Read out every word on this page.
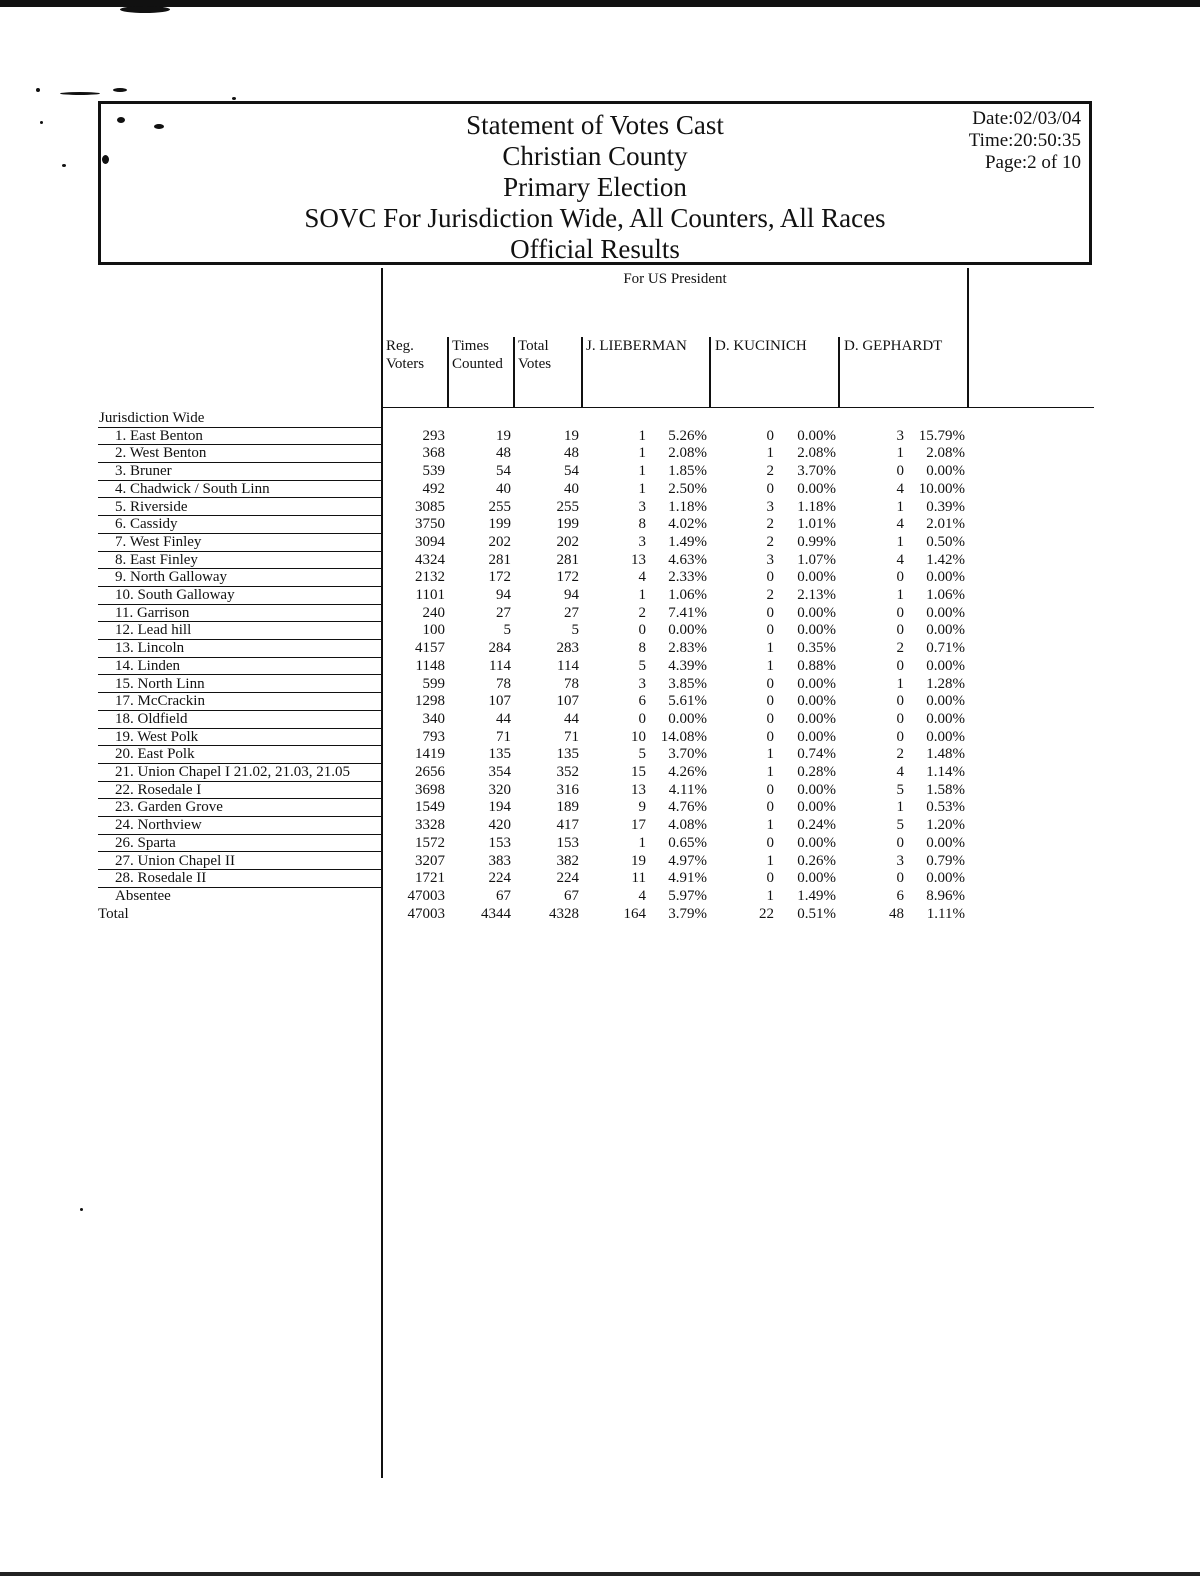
Statement of Votes Cast
Christian County
Primary Election
SOVC For Jurisdiction Wide, All Counters, All Races
Official Results
Date:02/03/04
Time:20:50:35
Page:2 of 10
For US President
Reg.
Voters
Times
Counted
Total
Votes
J. LIEBERMAN D. KUCINICH D. GEPHARDT
Jurisdiction Wide
1. East Benton	293	19	19	1	5.26%	0	0.00%	3 15.79%
2. West Benton	368	48	48	1	2.08%	1	2.08%	1	2.08%
3. Bruner	539	54	54	1	1.85%	2	3.70%	0	0.00%
4. Chadwick / South Linn	492	40	40	1	2.50%	0	0.00%	4 10.00%
5. Riverside	3085	255	255	3	1.18%	3	1.18%	1	0.39%
6. Cassidy	3750	199	199	8	4.02%	2	1.01%	4	2.01%
7. West Finley	3094	202	202	3	1.49%	2	0.99%	1	0.50%
8. East Finley	4324	281	281	13	4.63%	3	1.07%	4	1.42%
9. North Galloway	2132	172	172	4	2.33%	0	0.00%	0	0.00%
10. South Galloway	1101	94	94	1	1.06%	2	2.13%	1	1.06%
11. Garrison	240	27	27	2	7.41%	0	0.00%	0	0.00%
12. Lead hill	100	5	5	0	0.00%	0	0.00%	0	0.00%
13. Lincoln	4157	284	283	8	2.83%	1	0.35%	2	0.71%
14. Linden	1148	114	114	5	4.39%	1	0.88%	0	0.00%
15. North Linn	599	78	78	3	3.85%	0	0.00%	1	1.28%
17. McCrackin	1298	107	107	6	5.61%	0	0.00%	0	0.00%
18. Oldfield	340	44	44	0	0.00%	0	0.00%	0	0.00%
19. West Polk	793	71	71	10 14.08%	0	0.00%	0	0.00%
20. East Polk	1419	135	135	5	3.70%	1	0.74%	2	1.48%
21. Union Chapel I 21.02, 21.03, 21.05	2656	354	352	15	4.26%	1	0.28%	4	1.14%
22. Rosedale I	3698	320	316	13	4.11%	0	0.00%	5	1.58%
23. Garden Grove	1549	194	189	9	4.76%	0	0.00%	1	0.53%
24. Northview	3328	420	417	17	4.08%	1	0.24%	5	1.20%
26. Sparta	1572	153	153	1	0.65%	0	0.00%	0	0.00%
27. Union Chapel II	3207	383	382	19	4.97%	1	0.26%	3	0.79%
28. Rosedale II	1721	224	224	11	4.91%	0	0.00%	0	0.00%
Absentee	47003	67	67	4	5.97%	1	1.49%	6	8.96%
Total	47003	4344	4328	164	3.79%	22	0.51%	48	1.11%
